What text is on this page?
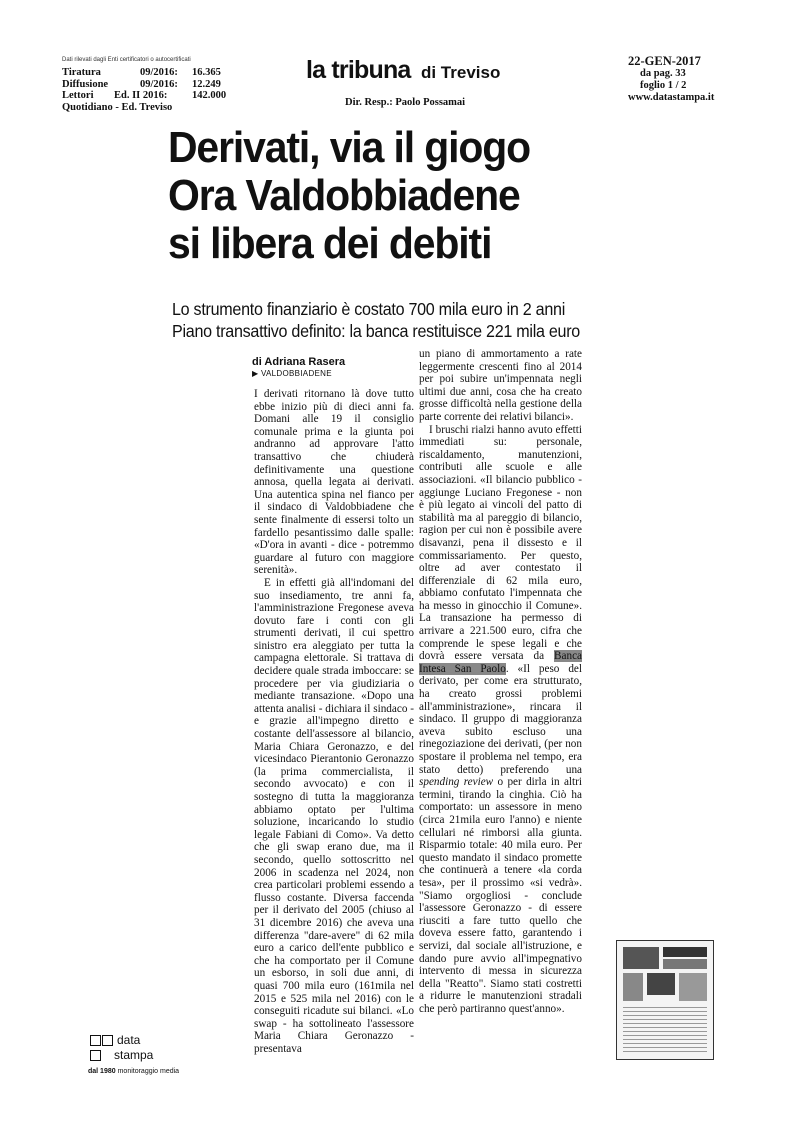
Dati rilevati dagli Enti certificatori o autocertificati
Tiratura	09/2016:	16.365
Diffusione	09/2016:	12.249
Lettori	Ed. II 2016:	142.000
Quotidiano - Ed. Treviso
la tribuna di Treviso
Dir. Resp.: Paolo Possamai
22-GEN-2017
da pag. 33
foglio 1 / 2
www.datastampa.it
Derivati, via il giogo
Ora Valdobbiadene
si libera dei debiti
Lo strumento finanziario è costato 700 mila euro in 2 anni
Piano transattivo definito: la banca restituisce 221 mila euro
di Adriana Rasera
▶ VALDOBBIADENE

I derivati ritornano là dove tutto ebbe inizio più di dieci anni fa. Domani alle 19 il consiglio comunale prima e la giunta poi andranno ad approvare l'atto transattivo che chiuderà definitivamente una questione annosa, quella legata ai derivati. Una autentica spina nel fianco per il sindaco di Valdobbiadene che sente finalmente di essersi tolto un fardello pesantissimo dalle spalle: «D'ora in avanti - dice - potremmo guardare al futuro con maggiore serenità».

E in effetti già all'indomani del suo insediamento, tre anni fa, l'amministrazione Fregonese aveva dovuto fare i conti con gli strumenti derivati, il cui spettro sinistro era aleggiato per tutta la campagna elettorale. Si trattava di decidere quale strada imboccare: se procedere per via giudiziaria o mediante transazione. «Dopo una attenta analisi - dichiara il sindaco - e grazie all'impegno diretto e costante dell'assessore al bilancio, Maria Chiara Geronazzo, e del vicesindaco Pierantonio Geronazzo (la prima commercialista, il secondo avvocato) e con il sostegno di tutta la maggioranza abbiamo optato per l'ultima soluzione, incaricando lo studio legale Fabiani di Como». Va detto che gli swap erano due, ma il secondo, quello sottoscritto nel 2006 in scadenza nel 2024, non crea particolari problemi essendo a flusso costante. Diversa faccenda per il derivato del 2005 (chiuso al 31 dicembre 2016) che aveva una differenza "dare-avere" di 62 mila euro a carico dell'ente pubblico e che ha comportato per il Comune un esborso, in soli due anni, di quasi 700 mila euro (161mila nel 2015 e 525 mila nel 2016) con le conseguiti ricadute sui bilanci. «Lo swap - ha sottolineato l'assessore Maria Chiara Geronazzo - presentava

un piano di ammortamento a rate leggermente crescenti fino al 2014 per poi subire un'impennata negli ultimi due anni, cosa che ha creato grosse difficoltà nella gestione della parte corrente dei relativi bilanci».

I bruschi rialzi hanno avuto effetti immediati su: personale, riscaldamento, manutenzioni, contributi alle scuole e alle associazioni. «Il bilancio pubblico - aggiunge Luciano Fregonese - non è più legato ai vincoli del patto di stabilità ma al pareggio di bilancio, ragion per cui non è possibile avere disavanzi, pena il dissesto e il commissariamento. Per questo, oltre ad aver contestato il differenziale di 62 mila euro, abbiamo confutato l'impennata che ha messo in ginocchio il Comune». La transazione ha permesso di arrivare a 221.500 euro, cifra che comprende le spese legali e che dovrà essere versata da Banca Intesa San Paolo. «Il peso del derivato, per come era strutturato, ha creato grossi problemi all'amministrazione», rincara il sindaco. Il gruppo di maggioranza aveva subito escluso una rinegoziazione dei derivati, (per non spostare il problema nel tempo, era stato detto) preferendo una spending review o per dirla in altri termini, tirando la cinghia. Ciò ha comportato: un assessore in meno (circa 21mila euro l'anno) e niente cellulari né rimborsi alla giunta. Risparmio totale: 40 mila euro. Per questo mandato il sindaco promette che continuerà a tenere «la corda tesa», per il prossimo «si vedrà». "Siamo orgogliosi - conclude l'assessore Geronazzo - di essere riusciti a fare tutto quello che doveva essere fatto, garantendo i servizi, dal sociale all'istruzione, e dando pure avvio all'impegnativo intervento di messa in sicurezza della "Reatto". Siamo stati costretti a ridurre le manutenzioni stradali che però partiranno quest'anno».

data
stampa
dal 1980 monitoraggio media
